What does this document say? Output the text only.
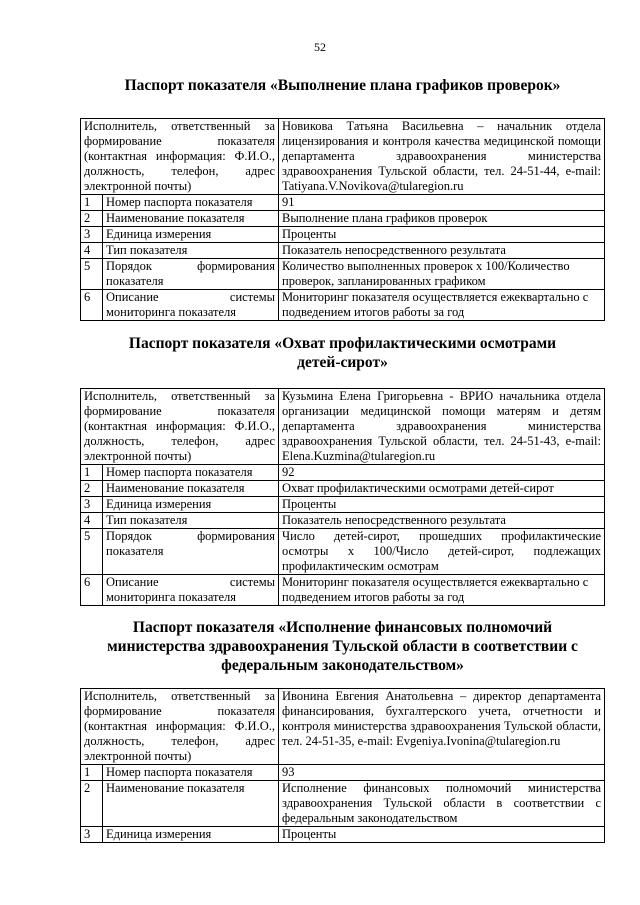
52
Паспорт показателя «Выполнение плана графиков проверок»
Исполнитель, ответственный за формирование показателя (контактная информация: Ф.И.О., должность, телефон, адрес электронной почты)		Новикова Татьяна Васильевна – начальник отдела лицензирования и контроля качества медицинской помощи департамента здравоохранения министерства здравоохранения Тульской области, тел. 24-51-44, e-mail: Tatiyana.V.Novikova@tularegion.ru
1	Номер паспорта показателя	91
2	Наименование показателя	Выполнение плана графиков проверок
3	Единица измерения	Проценты
4	Тип показателя	Показатель непосредственного результата
5	Порядок формирования показателя	Количество выполненных проверок х 100/Количество проверок, запланированных графиком
6	Описание системы мониторинга показателя	Мониторинг показателя осуществляется ежеквартально с подведением итогов работы за год
Паспорт показателя «Охват профилактическими осмотрами
детей-сирот»
Исполнитель, ответственный за формирование показателя (контактная информация: Ф.И.О., должность, телефон, адрес электронной почты)		Кузьмина Елена Григорьевна - ВРИО начальника отдела организации медицинской помощи матерям и детям департамента здравоохранения министерства здравоохранения Тульской области, тел. 24-51-43, e-mail: Elena.Kuzmina@tularegion.ru
1	Номер паспорта показателя	92
2	Наименование показателя	Охват профилактическими осмотрами детей-сирот
3	Единица измерения	Проценты
4	Тип показателя	Показатель непосредственного результата
5	Порядок формирования показателя	Число детей-сирот, прошедших профилактические осмотры х 100/Число детей-сирот, подлежащих профилактическим осмотрам
6	Описание системы мониторинга показателя	Мониторинг показателя осуществляется ежеквартально с подведением итогов работы за год
Паспорт показателя «Исполнение финансовых полномочий
министерства здравоохранения Тульской области в соответствии с
федеральным законодательством»
Исполнитель, ответственный за формирование показателя (контактная информация: Ф.И.О., должность, телефон, адрес электронной почты)		Ивонина Евгения Анатольевна – директор департамента финансирования, бухгалтерского учета, отчетности и контроля министерства здравоохранения Тульской области, тел. 24-51-35, e-mail: Evgeniya.Ivonina@tularegion.ru
1	Номер паспорта показателя	93
2	Наименование показателя	Исполнение финансовых полномочий министерства здравоохранения Тульской области в соответствии с федеральным законодательством
3	Единица измерения	Проценты
